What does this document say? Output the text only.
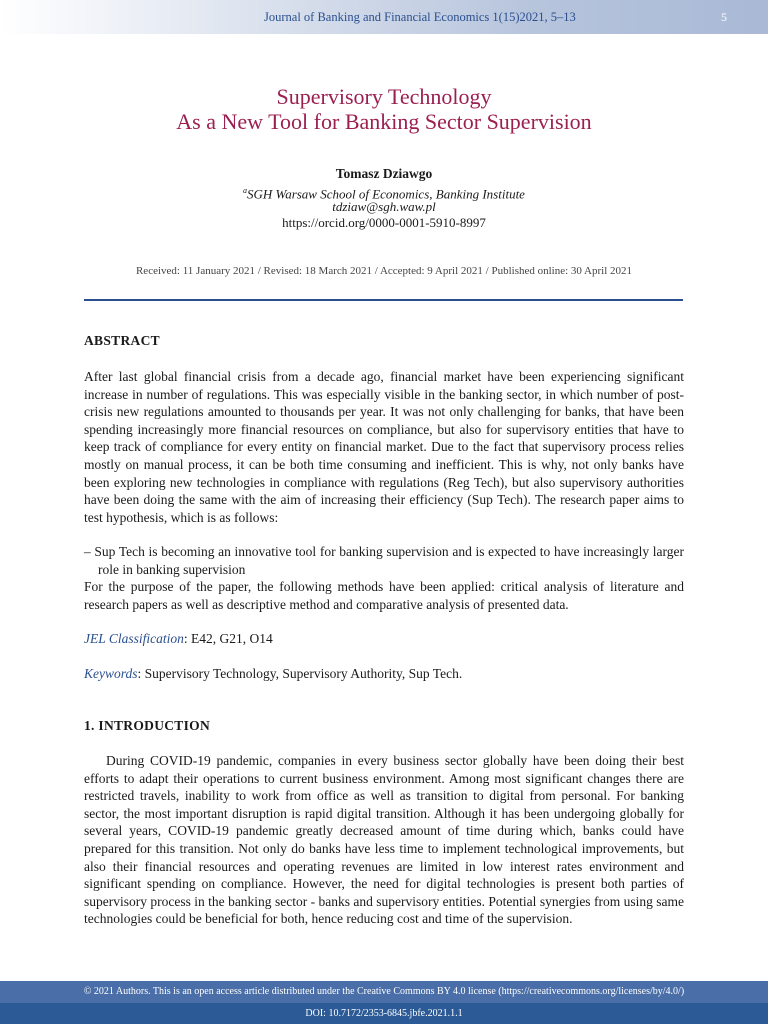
Journal of Banking and Financial Economics 1(15)2021, 5–13	5
Supervisory Technology
As a New Tool for Banking Sector Supervision
Tomasz Dziawgo
$^a$SGH Warsaw School of Economics, Banking Institute
tdziaw@sgh.waw.pl
https://orcid.org/0000-0001-5910-8997
Received: 11 January 2021 / Revised: 18 March 2021 / Accepted: 9 April 2021 / Published online: 30 April 2021
ABSTRACT

After last global financial crisis from a decade ago, financial market have been experiencing significant increase in number of regulations. This was especially visible in the banking sector, in which number of post-crisis new regulations amounted to thousands per year. It was not only challenging for banks, that have been spending increasingly more financial resources on compliance, but also for supervisory entities that have to keep track of compliance for every entity on financial market. Due to the fact that supervisory process relies mostly on manual process, it can be both time consuming and inefficient. This is why, not only banks have been exploring new technologies in compliance with regulations (Reg Tech), but also supervisory authorities have been doing the same with the aim of increasing their efficiency (Sup Tech). The research paper aims to test hypothesis, which is as follows:

– Sup Tech is becoming an innovative tool for banking supervision and is expected to have increasingly larger role in banking supervision

For the purpose of the paper, the following methods have been applied: critical analysis of literature and research papers as well as descriptive method and comparative analysis of presented data.

JEL Classification: E42, G21, O14
Keywords: Supervisory Technology, Supervisory Authority, Sup Tech.
1. INTRODUCTION

During COVID-19 pandemic, companies in every business sector globally have been doing their best efforts to adapt their operations to current business environment. Among most significant changes there are restricted travels, inability to work from office as well as transition to digital from personal. For banking sector, the most important disruption is rapid digital transition. Although it has been undergoing globally for several years, COVID-19 pandemic greatly decreased amount of time during which, banks could have prepared for this transition. Not only do banks have less time to implement technological improvements, but also their financial resources and operating revenues are limited in low interest rates environment and significant spending on compliance. However, the need for digital technologies is present both parties of supervisory process in the banking sector - banks and supervisory entities. Potential synergies from using same technologies could be beneficial for both, hence reducing cost and time of the supervision.

© 2021 Authors. This is an open access article distributed under the Creative Commons BY 4.0 license (https://creativecommons.org/licenses/by/4.0/)
DOI: 10.7172/2353-6845.jbfe.2021.1.1
